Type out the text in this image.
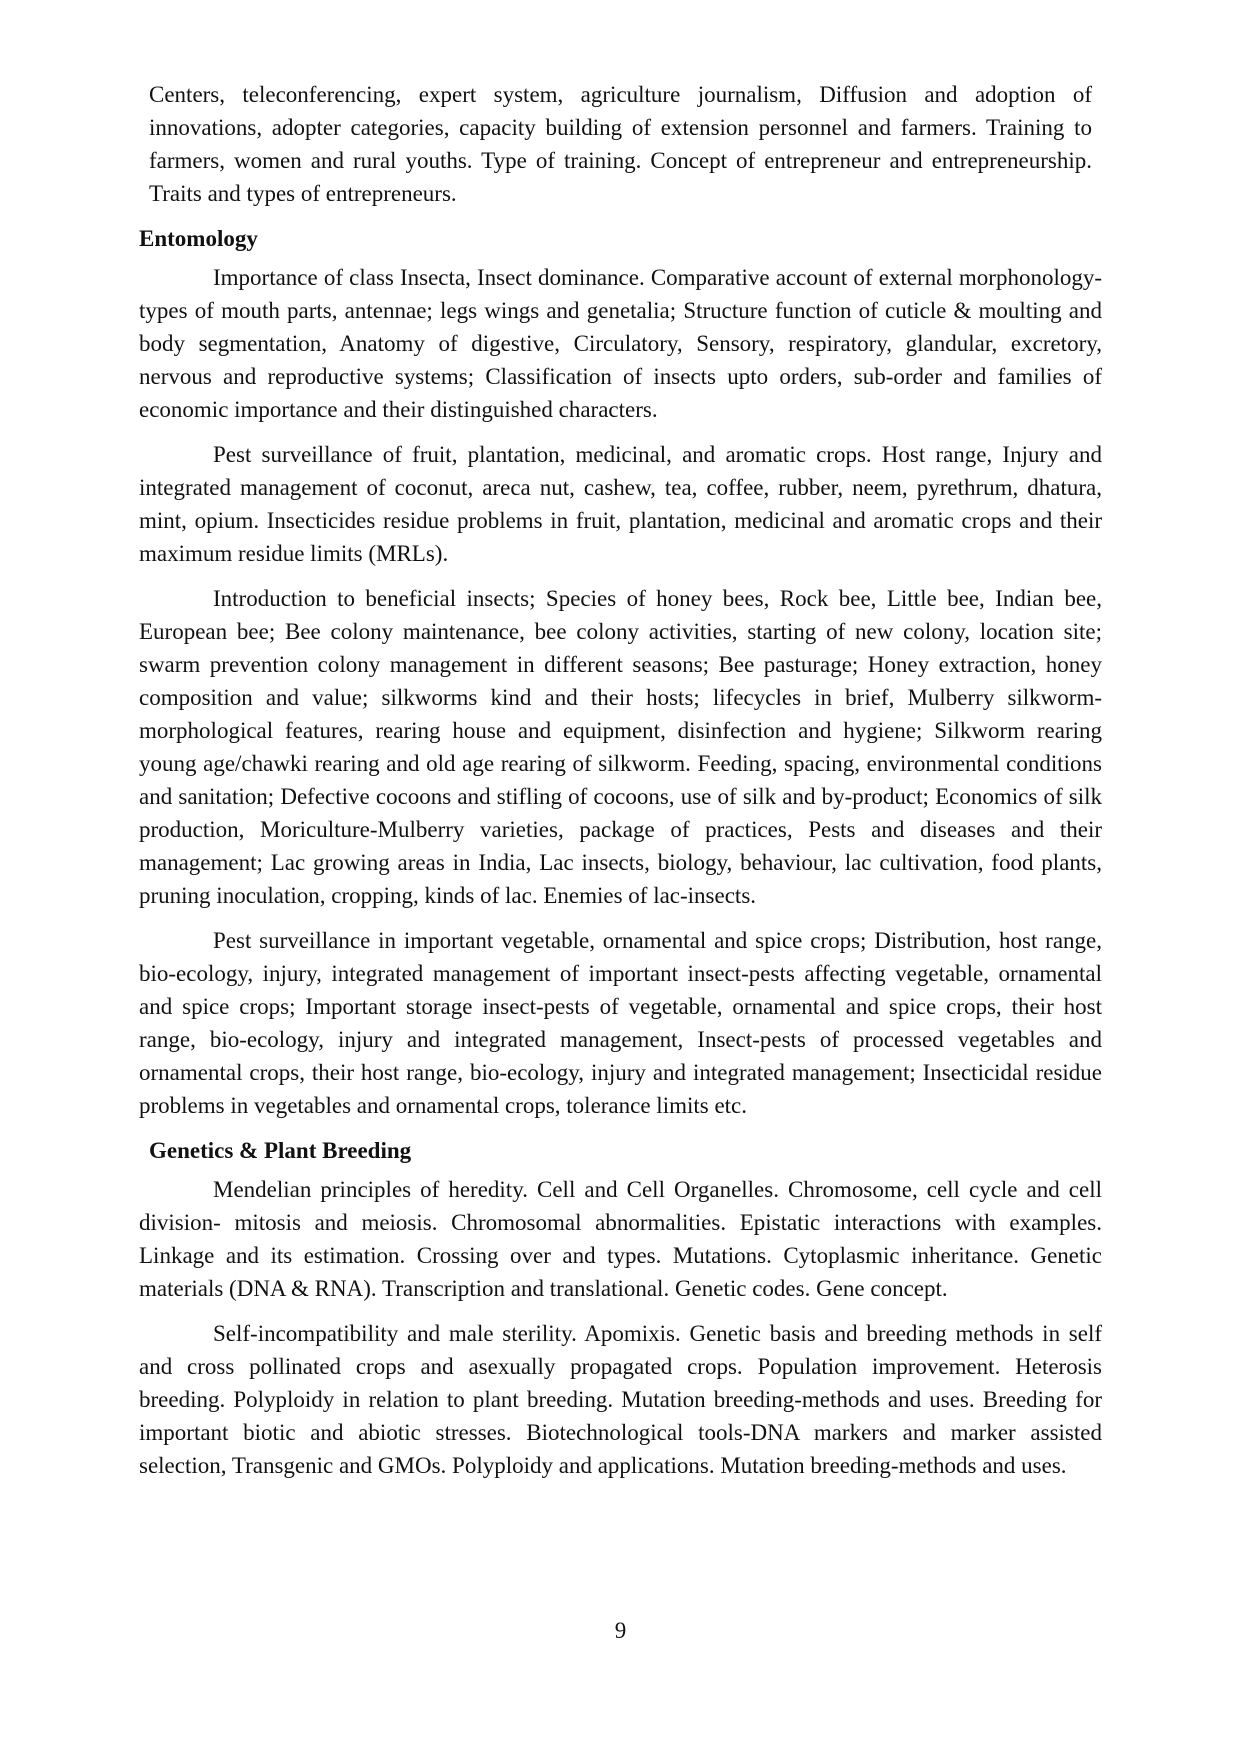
Centers, teleconferencing, expert system, agriculture journalism, Diffusion and adoption of innovations, adopter categories, capacity building of extension personnel and farmers. Training to farmers, women and rural youths. Type of training. Concept of entrepreneur and entrepreneurship. Traits and types of entrepreneurs.

Entomology

Importance of class Insecta, Insect dominance. Comparative account of external morphonology-types of mouth parts, antennae; legs wings and genetalia; Structure function of cuticle & moulting and body segmentation, Anatomy of digestive, Circulatory, Sensory, respiratory, glandular, excretory, nervous and reproductive systems; Classification of insects upto orders, sub-order and families of economic importance and their distinguished characters.

Pest surveillance of fruit, plantation, medicinal, and aromatic crops. Host range, Injury and integrated management of coconut, areca nut, cashew, tea, coffee, rubber, neem, pyrethrum, dhatura, mint, opium. Insecticides residue problems in fruit, plantation, medicinal and aromatic crops and their maximum residue limits (MRLs).

Introduction to beneficial insects; Species of honey bees, Rock bee, Little bee, Indian bee, European bee; Bee colony maintenance, bee colony activities, starting of new colony, location site; swarm prevention colony management in different seasons; Bee pasturage; Honey extraction, honey composition and value; silkworms kind and their hosts; lifecycles in brief, Mulberry silkworm-morphological features, rearing house and equipment, disinfection and hygiene; Silkworm rearing young age/chawki rearing and old age rearing of silkworm. Feeding, spacing, environmental conditions and sanitation; Defective cocoons and stifling of cocoons, use of silk and by-product; Economics of silk production, Moriculture-Mulberry varieties, package of practices, Pests and diseases and their management; Lac growing areas in India, Lac insects, biology, behaviour, lac cultivation, food plants, pruning inoculation, cropping, kinds of lac. Enemies of lac-insects.

Pest surveillance in important vegetable, ornamental and spice crops; Distribution, host range, bio-ecology, injury, integrated management of important insect-pests affecting vegetable, ornamental and spice crops; Important storage insect-pests of vegetable, ornamental and spice crops, their host range, bio-ecology, injury and integrated management, Insect-pests of processed vegetables and ornamental crops, their host range, bio-ecology, injury and integrated management; Insecticidal residue problems in vegetables and ornamental crops, tolerance limits etc.

Genetics & Plant Breeding

Mendelian principles of heredity. Cell and Cell Organelles. Chromosome, cell cycle and cell division- mitosis and meiosis. Chromosomal abnormalities. Epistatic interactions with examples. Linkage and its estimation. Crossing over and types. Mutations. Cytoplasmic inheritance. Genetic materials (DNA & RNA). Transcription and translational. Genetic codes. Gene concept.

Self-incompatibility and male sterility. Apomixis. Genetic basis and breeding methods in self and cross pollinated crops and asexually propagated crops. Population improvement. Heterosis breeding. Polyploidy in relation to plant breeding. Mutation breeding-methods and uses. Breeding for important biotic and abiotic stresses. Biotechnological tools-DNA markers and marker assisted selection, Transgenic and GMOs. Polyploidy and applications. Mutation breeding-methods and uses.

9
